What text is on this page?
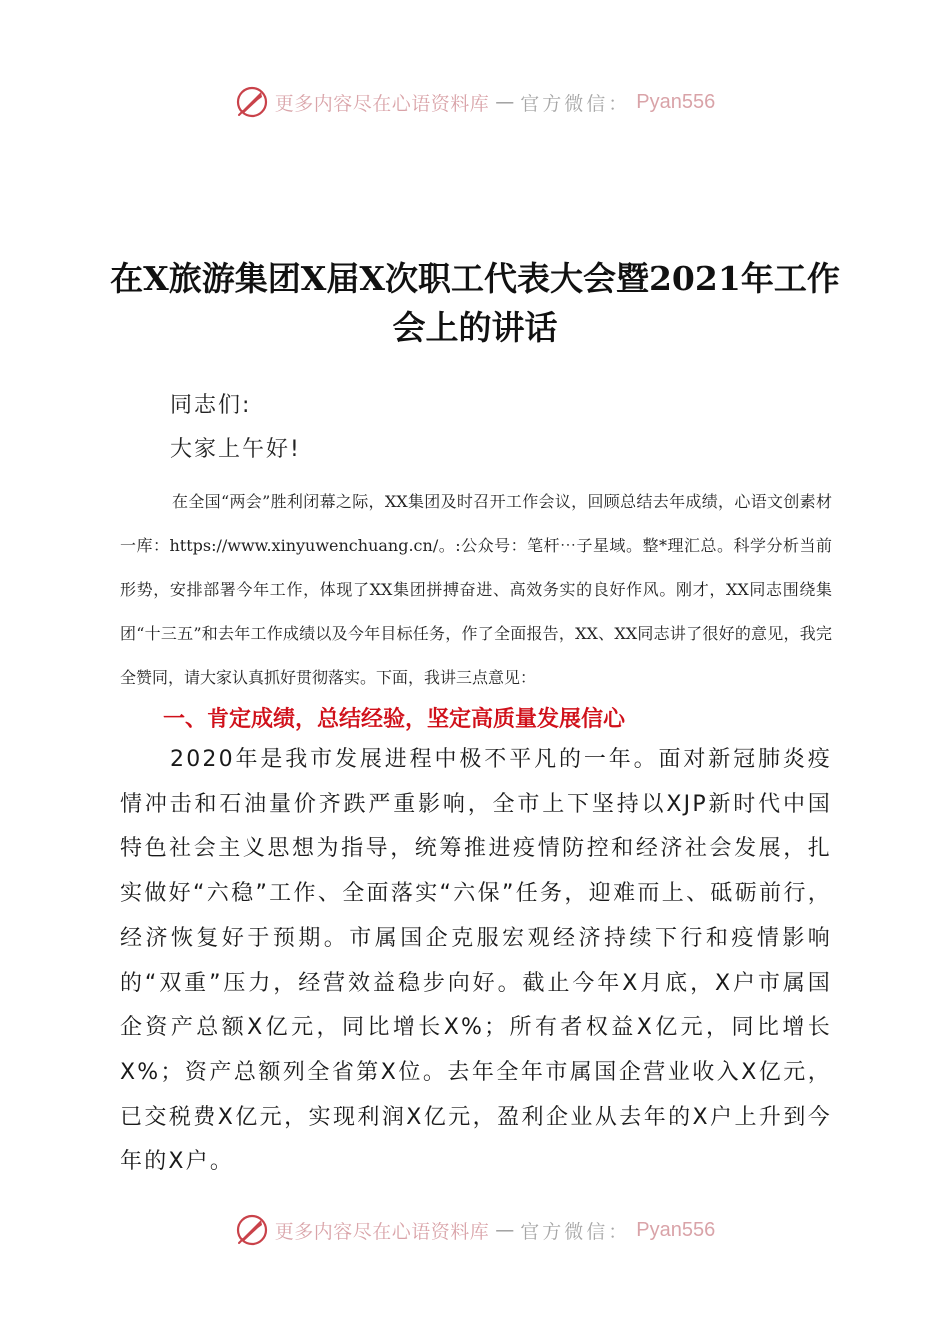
更多内容尽在心语资料库 — 官方微信： Pyan556
在X旅游集团X届X次职工代表大会暨2021年工作会上的讲话
同志们:
大家上午好!

在全国“两会”胜利闭幕之际，XX集团及时召开工作会议，回顾总结去年成绩，心语文创素材一库：https://www.xinyuwenchuang.cn/。:公众号：笔杆⋯子星域。整*理汇总。科学分析当前形势，安排部署今年工作，体现了XX集团拼搏奋进、高效务实的良好作风。刚才，XX同志围绕集团“十三五”和去年工作成绩以及今年目标任务，作了全面报告，XX、XX同志讲了很好的意见，我完全赞同，请大家认真抓好贯彻落实。下面，我讲三点意见：

一、肯定成绩，总结经验，坚定高质量发展信心

2020年是我市发展进程中极不平凡的一年。面对新冠肺炎疫情冲击和石油量价齐跌严重影响，全市上下坚持以XJP新时代中国特色社会主义思想为指导，统筹推进疫情防控和经济社会发展，扎实做好“六稳”工作、全面落实“六保”任务，迎难而上、砥砺前行，经济恢复好于预期。市属国企克服宏观经济持续下行和疫情影响的“双重”压力，经营效益稳步向好。截止今年X月底，X户市属国企资产总额X亿元，同比增长X%；所有者权益X亿元，同比增长X%；资产总额列全省第X位。去年全年市属国企营业收入X亿元，已交税费X亿元，实现利润X亿元，盈利企业从去年的X户上升到今年的X户。

更多内容尽在心语资料库 — 官方微信： Pyan556
